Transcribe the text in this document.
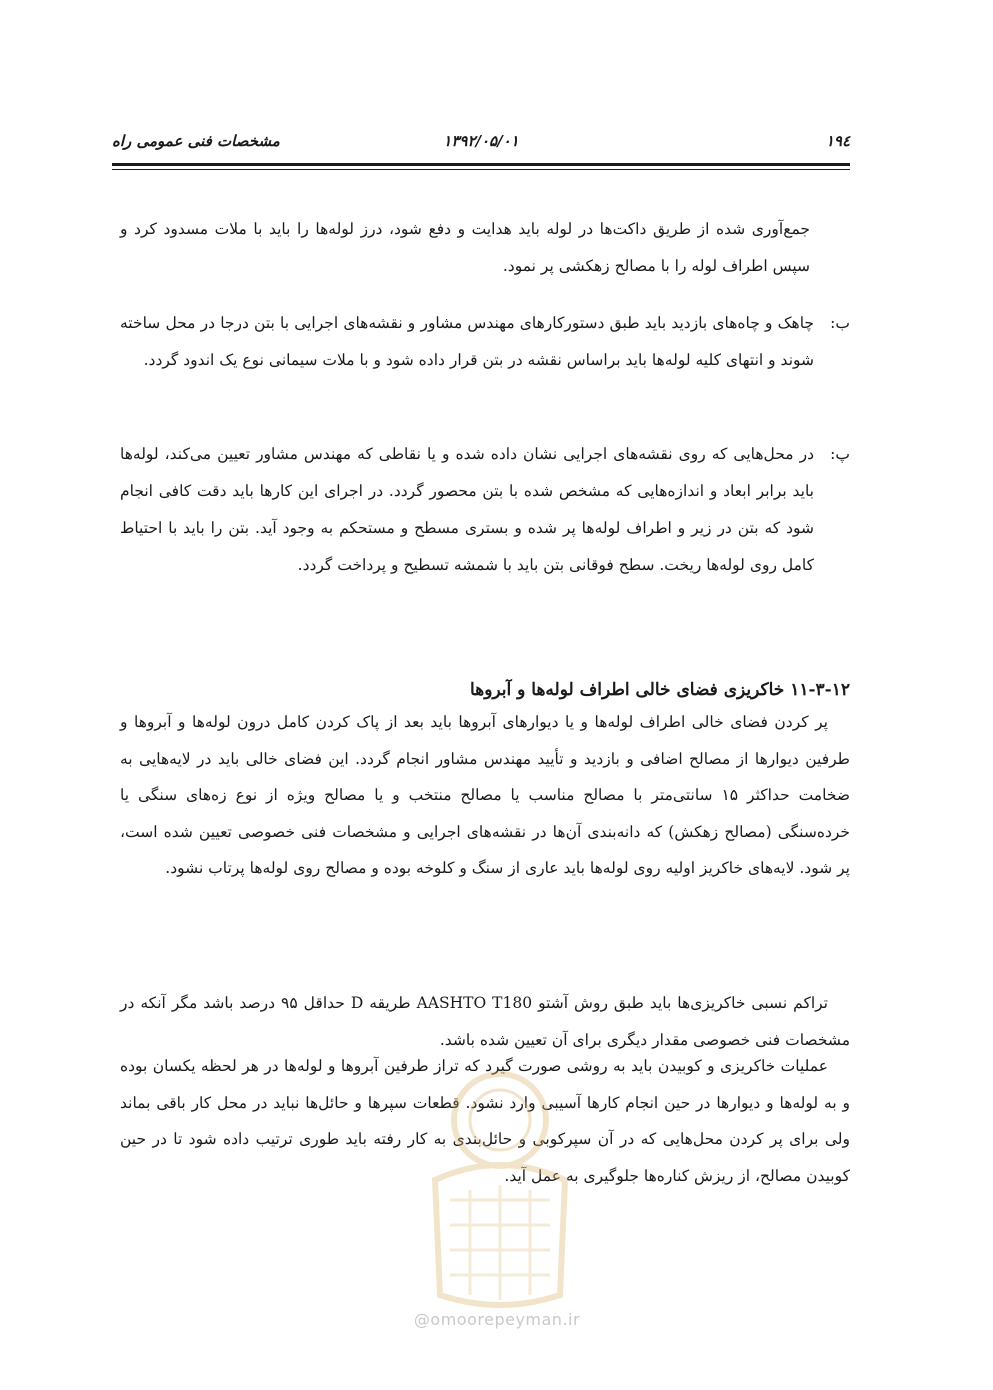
۱۹٤
۱۳۹۲/۰۵/۰۱
مشخصات فنی عمومی راه

جمع‌آوری شده از طریق داکت‌ها در لوله باید هدایت و دفع شود، درز لوله‌ها را باید با ملات مسدود کرد و سپس اطراف لوله را با مصالح زهکشی پر نمود.

ب:
چاهک و چاه‌های بازدید باید طبق دستورکارهای مهندس مشاور و نقشه‌های اجرایی با بتن درجا در محل ساخته شوند و انتهای کلیه لوله‌ها باید براساس نقشه در بتن قرار داده شود و با ملات سیمانی نوع یک اندود گردد.
پ:
در محل‌هایی که روی نقشه‌های اجرایی نشان داده شده و یا نقاطی که مهندس مشاور تعیین می‌کند، لوله‌ها باید برابر ابعاد و اندازه‌هایی که مشخص شده با بتن محصور گردد. در اجرای این کارها باید دقت کافی انجام شود که بتن در زیر و اطراف لوله‌ها پر شده و بستری مسطح و مستحکم به وجود آید. بتن را باید با احتیاط کامل روی لوله‌ها ریخت. سطح فوقانی بتن باید با شمشه تسطیح و پرداخت گردد.
۱۱-۳-۱۲ خاکریزی فضای خالی اطراف لوله‌ها و آبروها
پر کردن فضای خالی اطراف لوله‌ها و یا دیوارهای آبروها باید بعد از پاک کردن کامل درون لوله‌ها و آبروها و طرفین دیوارها از مصالح اضافی و بازدید و تأیید مهندس مشاور انجام گردد. این فضای خالی باید در لایه‌هایی به ضخامت حداکثر ۱۵ سانتی‌متر با مصالح مناسب یا مصالح منتخب و یا مصالح ویژه از نوع زه‌های سنگی یا خرده‌سنگی (مصالح زهکش) که دانه‌بندی آن‌ها در نقشه‌های اجرایی و مشخصات فنی خصوصی تعیین شده است، پر شود. لایه‌های خاکریز اولیه روی لوله‌ها باید عاری از سنگ و کلوخه بوده و مصالح روی لوله‌ها پرتاب نشود.
تراکم نسبی خاکریزی‌ها باید طبق روش آشتو AASHTO T180 طریقه D حداقل ۹۵ درصد باشد مگر آنکه در مشخصات فنی خصوصی مقدار دیگری برای آن تعیین شده باشد.
عملیات خاکریزی و کوبیدن باید به روشی صورت گیرد که تراز طرفین آبروها و لوله‌ها در هر لحظه یکسان بوده و به لوله‌ها و دیوارها در حین انجام کارها آسیبی وارد نشود. قطعات سپرها و حائل‌ها نباید در محل کار باقی بماند ولی برای پر کردن محل‌هایی که در آن سپرکوبی و حائل‌بندی به کار رفته باید طوری ترتیب داده شود تا در حین کوبیدن مصالح، از ریزش کناره‌ها جلوگیری به عمل آید.
@omoorepeyman.ir
